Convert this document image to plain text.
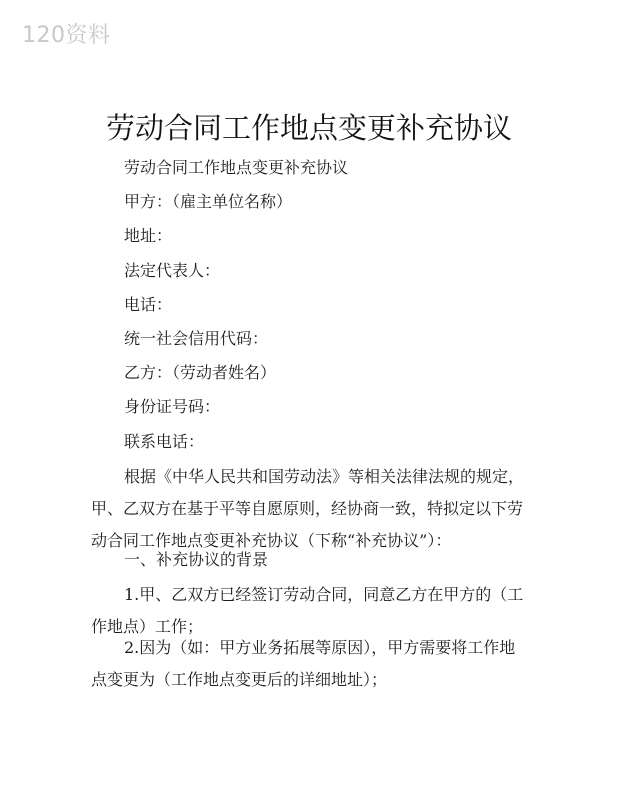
120资料
劳动合同工作地点变更补充协议
劳动合同工作地点变更补充协议
甲方：（雇主单位名称）
地址：
法定代表人：
电话：
统一社会信用代码：
乙方：（劳动者姓名）
身份证号码：
联系电话：
根据《中华人民共和国劳动法》等相关法律法规的规定，
甲、乙双方在基于平等自愿原则，经协商一致，特拟定以下劳动合同工作地点变更补充协议（下称“补充协议”）：
一、补充协议的背景
1.甲、乙双方已经签订劳动合同，同意乙方在甲方的（工
作地点）工作；
2.因为（如：甲方业务拓展等原因），甲方需要将工作地
点变更为（工作地点变更后的详细地址）；
